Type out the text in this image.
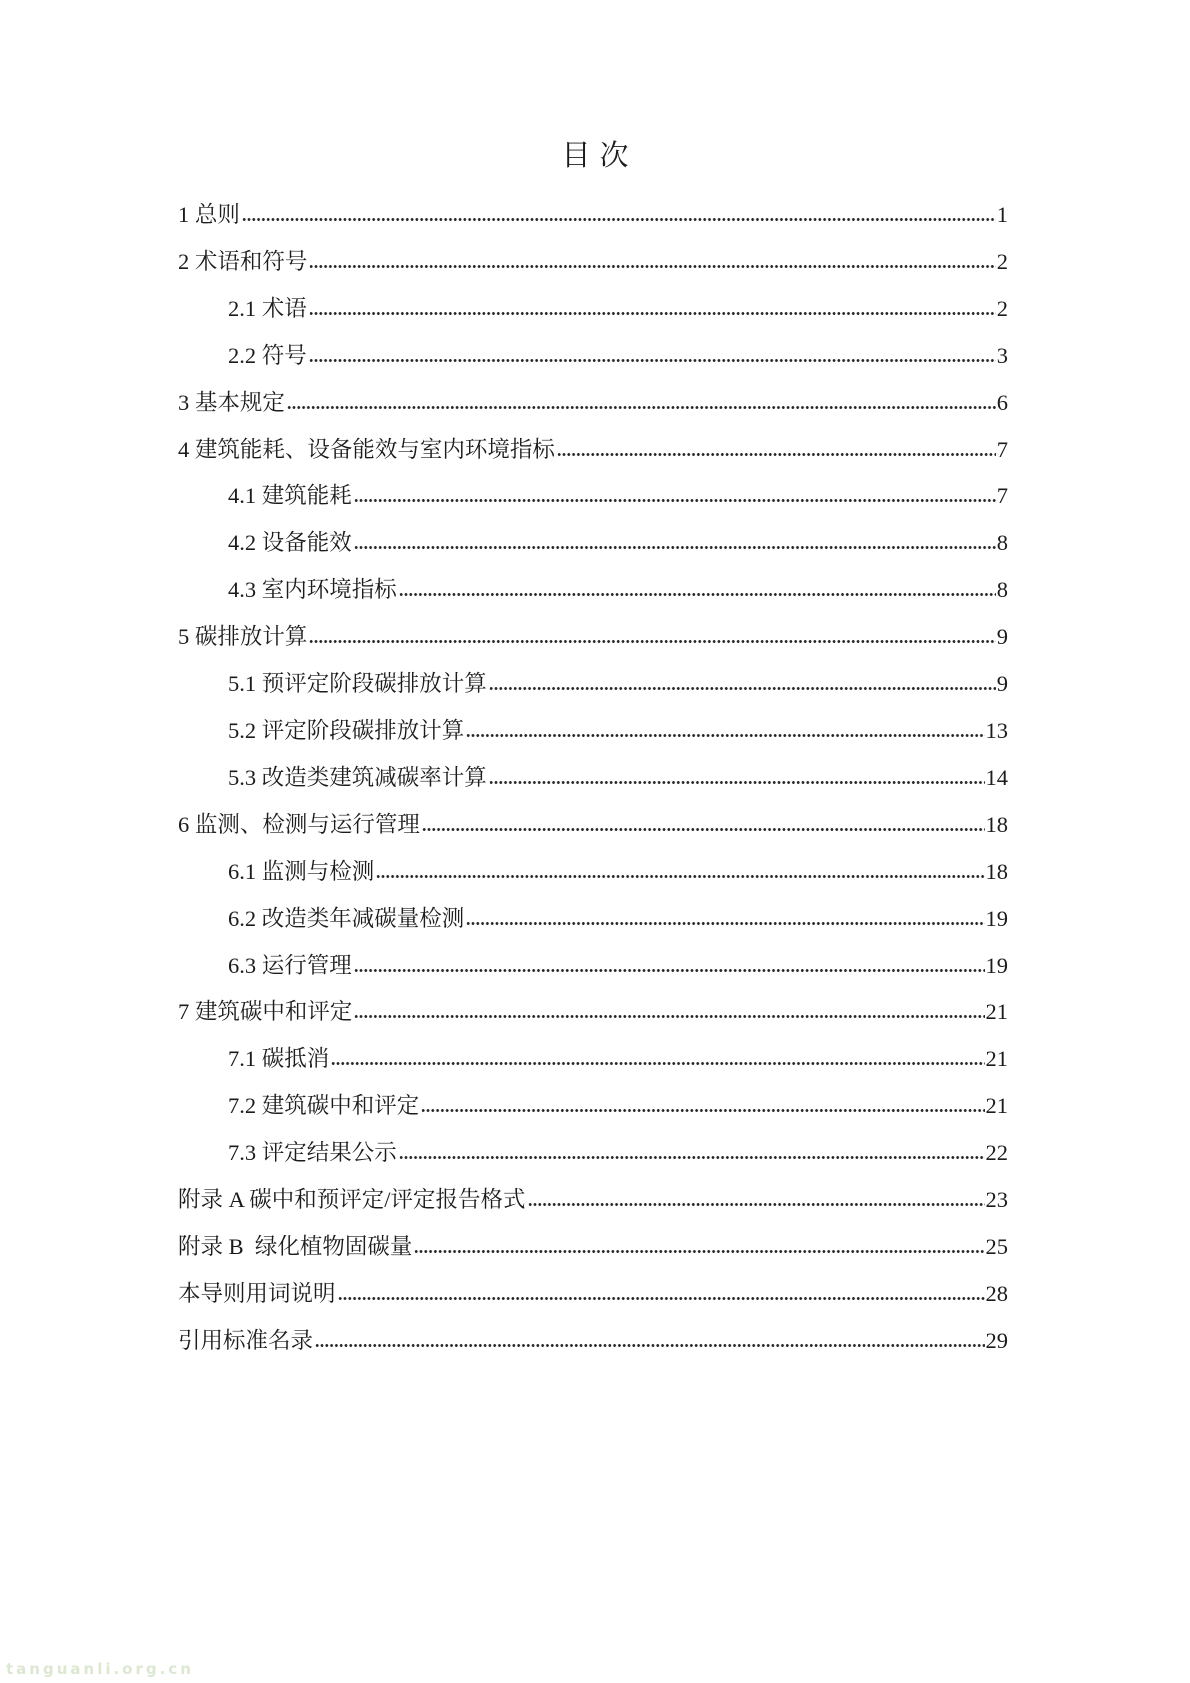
目次
1 总则	1
2 术语和符号	2
2.1 术语	2
2.2 符号	3
3 基本规定	6
4 建筑能耗、设备能效与室内环境指标	7
4.1 建筑能耗	7
4.2 设备能效	8
4.3 室内环境指标	8
5 碳排放计算	9
5.1 预评定阶段碳排放计算	9
5.2 评定阶段碳排放计算	13
5.3 改造类建筑减碳率计算	14
6 监测、检测与运行管理	18
6.1 监测与检测	18
6.2 改造类年减碳量检测	19
6.3 运行管理	19
7 建筑碳中和评定	21
7.1 碳抵消	21
7.2 建筑碳中和评定	21
7.3 评定结果公示	22
附录 A 碳中和预评定/评定报告格式	23
附录 B  绿化植物固碳量	25
本导则用词说明	28
引用标准名录	29
tanguanli.org.cn
